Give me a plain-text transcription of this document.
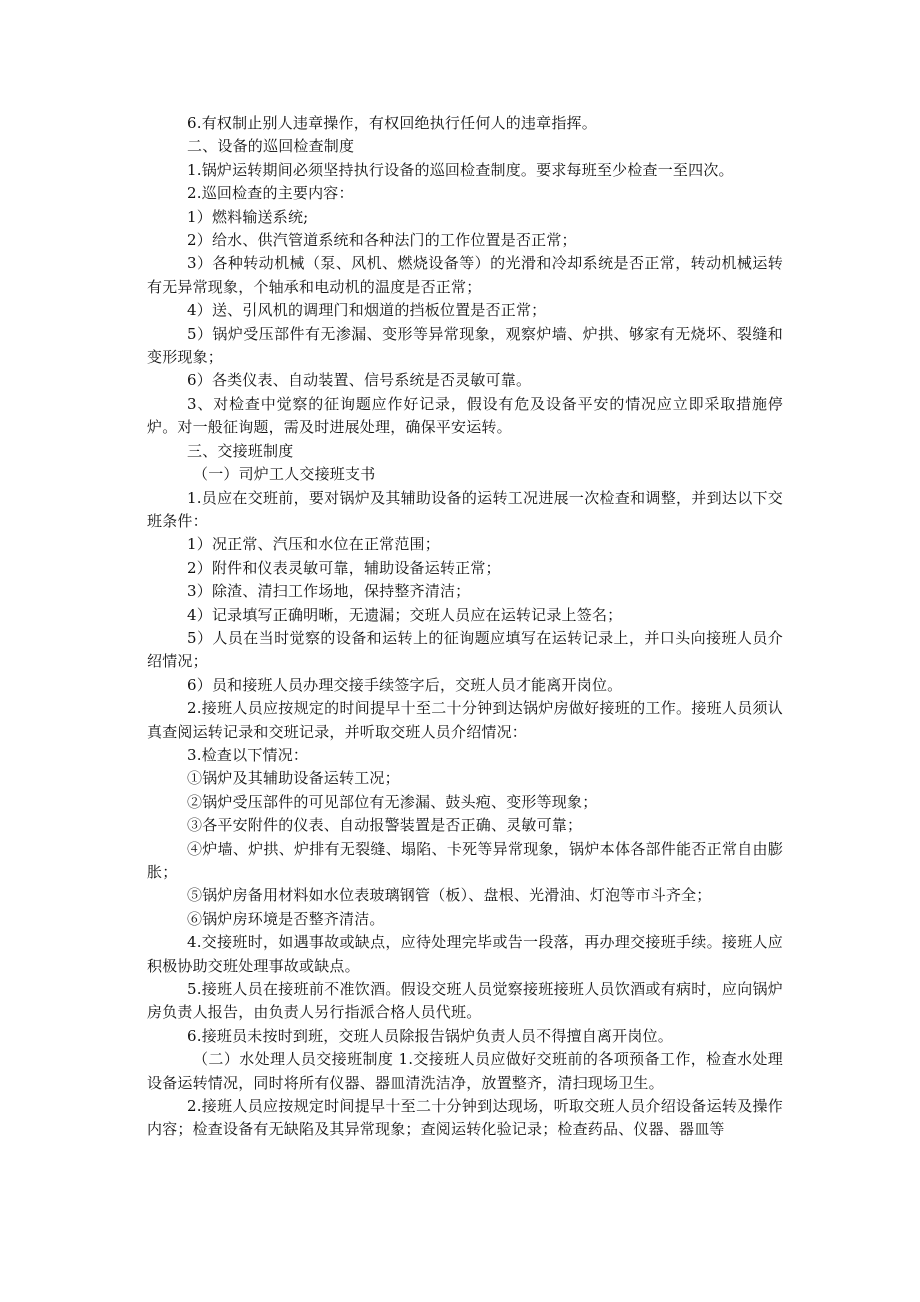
6.有权制止别人违章操作，有权回绝执行任何人的违章指挥。

二、设备的巡回检查制度

1.锅炉运转期间必须坚持执行设备的巡回检查制度。要求每班至少检查一至四次。

2.巡回检查的主要内容：

1）燃料输送系统;

2）给水、供汽管道系统和各种法门的工作位置是否正常；

3）各种转动机械（泵、风机、燃烧设备等）的光滑和冷却系统是否正常，转动机械运转有无异常现象，个轴承和电动机的温度是否正常；

4）送、引风机的调理门和烟道的挡板位置是否正常；

5）锅炉受压部件有无渗漏、变形等异常现象，观察炉墙、炉拱、够家有无烧坏、裂缝和变形现象；

6）各类仪表、自动装置、信号系统是否灵敏可靠。

3、对检查中觉察的征询题应作好记录，假设有危及设备平安的情况应立即采取措施停炉。对一般征询题，需及时进展处理，确保平安运转。

三、交接班制度

（一）司炉工人交接班支书

1.员应在交班前，要对锅炉及其辅助设备的运转工况进展一次检查和调整，并到达以下交班条件：

1）况正常、汽压和水位在正常范围；

2）附件和仪表灵敏可靠，辅助设备运转正常；

3）除渣、清扫工作场地，保持整齐清洁；

4）记录填写正确明晰，无遗漏；交班人员应在运转记录上签名；

5）人员在当时觉察的设备和运转上的征询题应填写在运转记录上，并口头向接班人员介绍情况；

6）员和接班人员办理交接手续签字后，交班人员才能离开岗位。

2.接班人员应按规定的时间提早十至二十分钟到达锅炉房做好接班的工作。接班人员须认真查阅运转记录和交班记录，并听取交班人员介绍情况：

3.检查以下情况：

①锅炉及其辅助设备运转工况；

②锅炉受压部件的可见部位有无渗漏、鼓头疱、变形等现象；

③各平安附件的仪表、自动报警装置是否正确、灵敏可靠；

④炉墙、炉拱、炉排有无裂缝、塌陷、卡死等异常现象，锅炉本体各部件能否正常自由膨胀；

⑤锅炉房备用材料如水位表玻璃钢管（板）、盘根、光滑油、灯泡等市斗齐全；

⑥锅炉房环境是否整齐清洁。

4.交接班时，如遇事故或缺点，应待处理完毕或告一段落，再办理交接班手续。接班人应积极协助交班处理事故或缺点。

5.接班人员在接班前不准饮酒。假设交班人员觉察接班接班人员饮酒或有病时，应向锅炉房负责人报告，由负责人另行指派合格人员代班。

6.接班员未按时到班，交班人员除报告锅炉负责人员不得擅自离开岗位。

（二）水处理人员交接班制度 1.交接班人员应做好交班前的各项预备工作，检查水处理设备运转情况，同时将所有仪器、器皿清洗洁净，放置整齐，清扫现场卫生。

2.接班人员应按规定时间提早十至二十分钟到达现场，听取交班人员介绍设备运转及操作内容；检查设备有无缺陷及其异常现象；查阅运转化验记录；检查药品、仪器、器皿等
